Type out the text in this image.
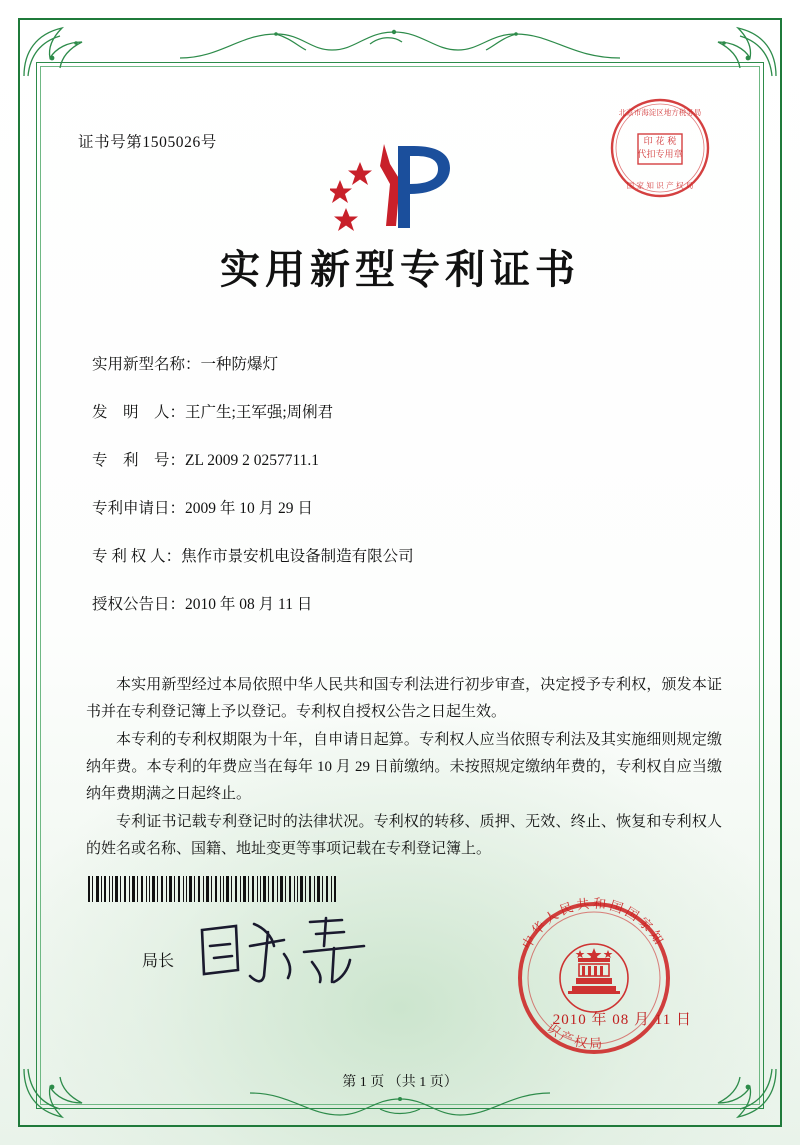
证书号第1505026号	印 花 税
代扣专用章
北京市海淀区地方税务局
国 家 知 识 产 权 局
实用新型专利证书
实用新型名称：一种防爆灯
发　明　人：王广生;王军强;周俐君
专　利　号：ZL 2009 2 0257711.1
专利申请日：2009 年 10 月 29 日
专 利 权 人：焦作市景安机电设备制造有限公司
授权公告日：2010 年 08 月 11 日

本实用新型经过本局依照中华人民共和国专利法进行初步审查，决定授予专利权，颁发本证书并在专利登记簿上予以登记。专利权自授权公告之日起生效。

本专利的专利权期限为十年，自申请日起算。专利权人应当依照专利法及其实施细则规定缴纳年费。本专利的年费应当在每年 10 月 29 日前缴纳。未按照规定缴纳年费的，专利权自应当缴纳年费期满之日起终止。

专利证书记载专利登记时的法律状况。专利权的转移、质押、无效、终止、恢复和专利权人的姓名或名称、国籍、地址变更等事项记载在专利登记簿上。

局长
中华人民共和国国家知
识产权局
2010 年 08 月 11 日
第 1 页 （共 1 页）
